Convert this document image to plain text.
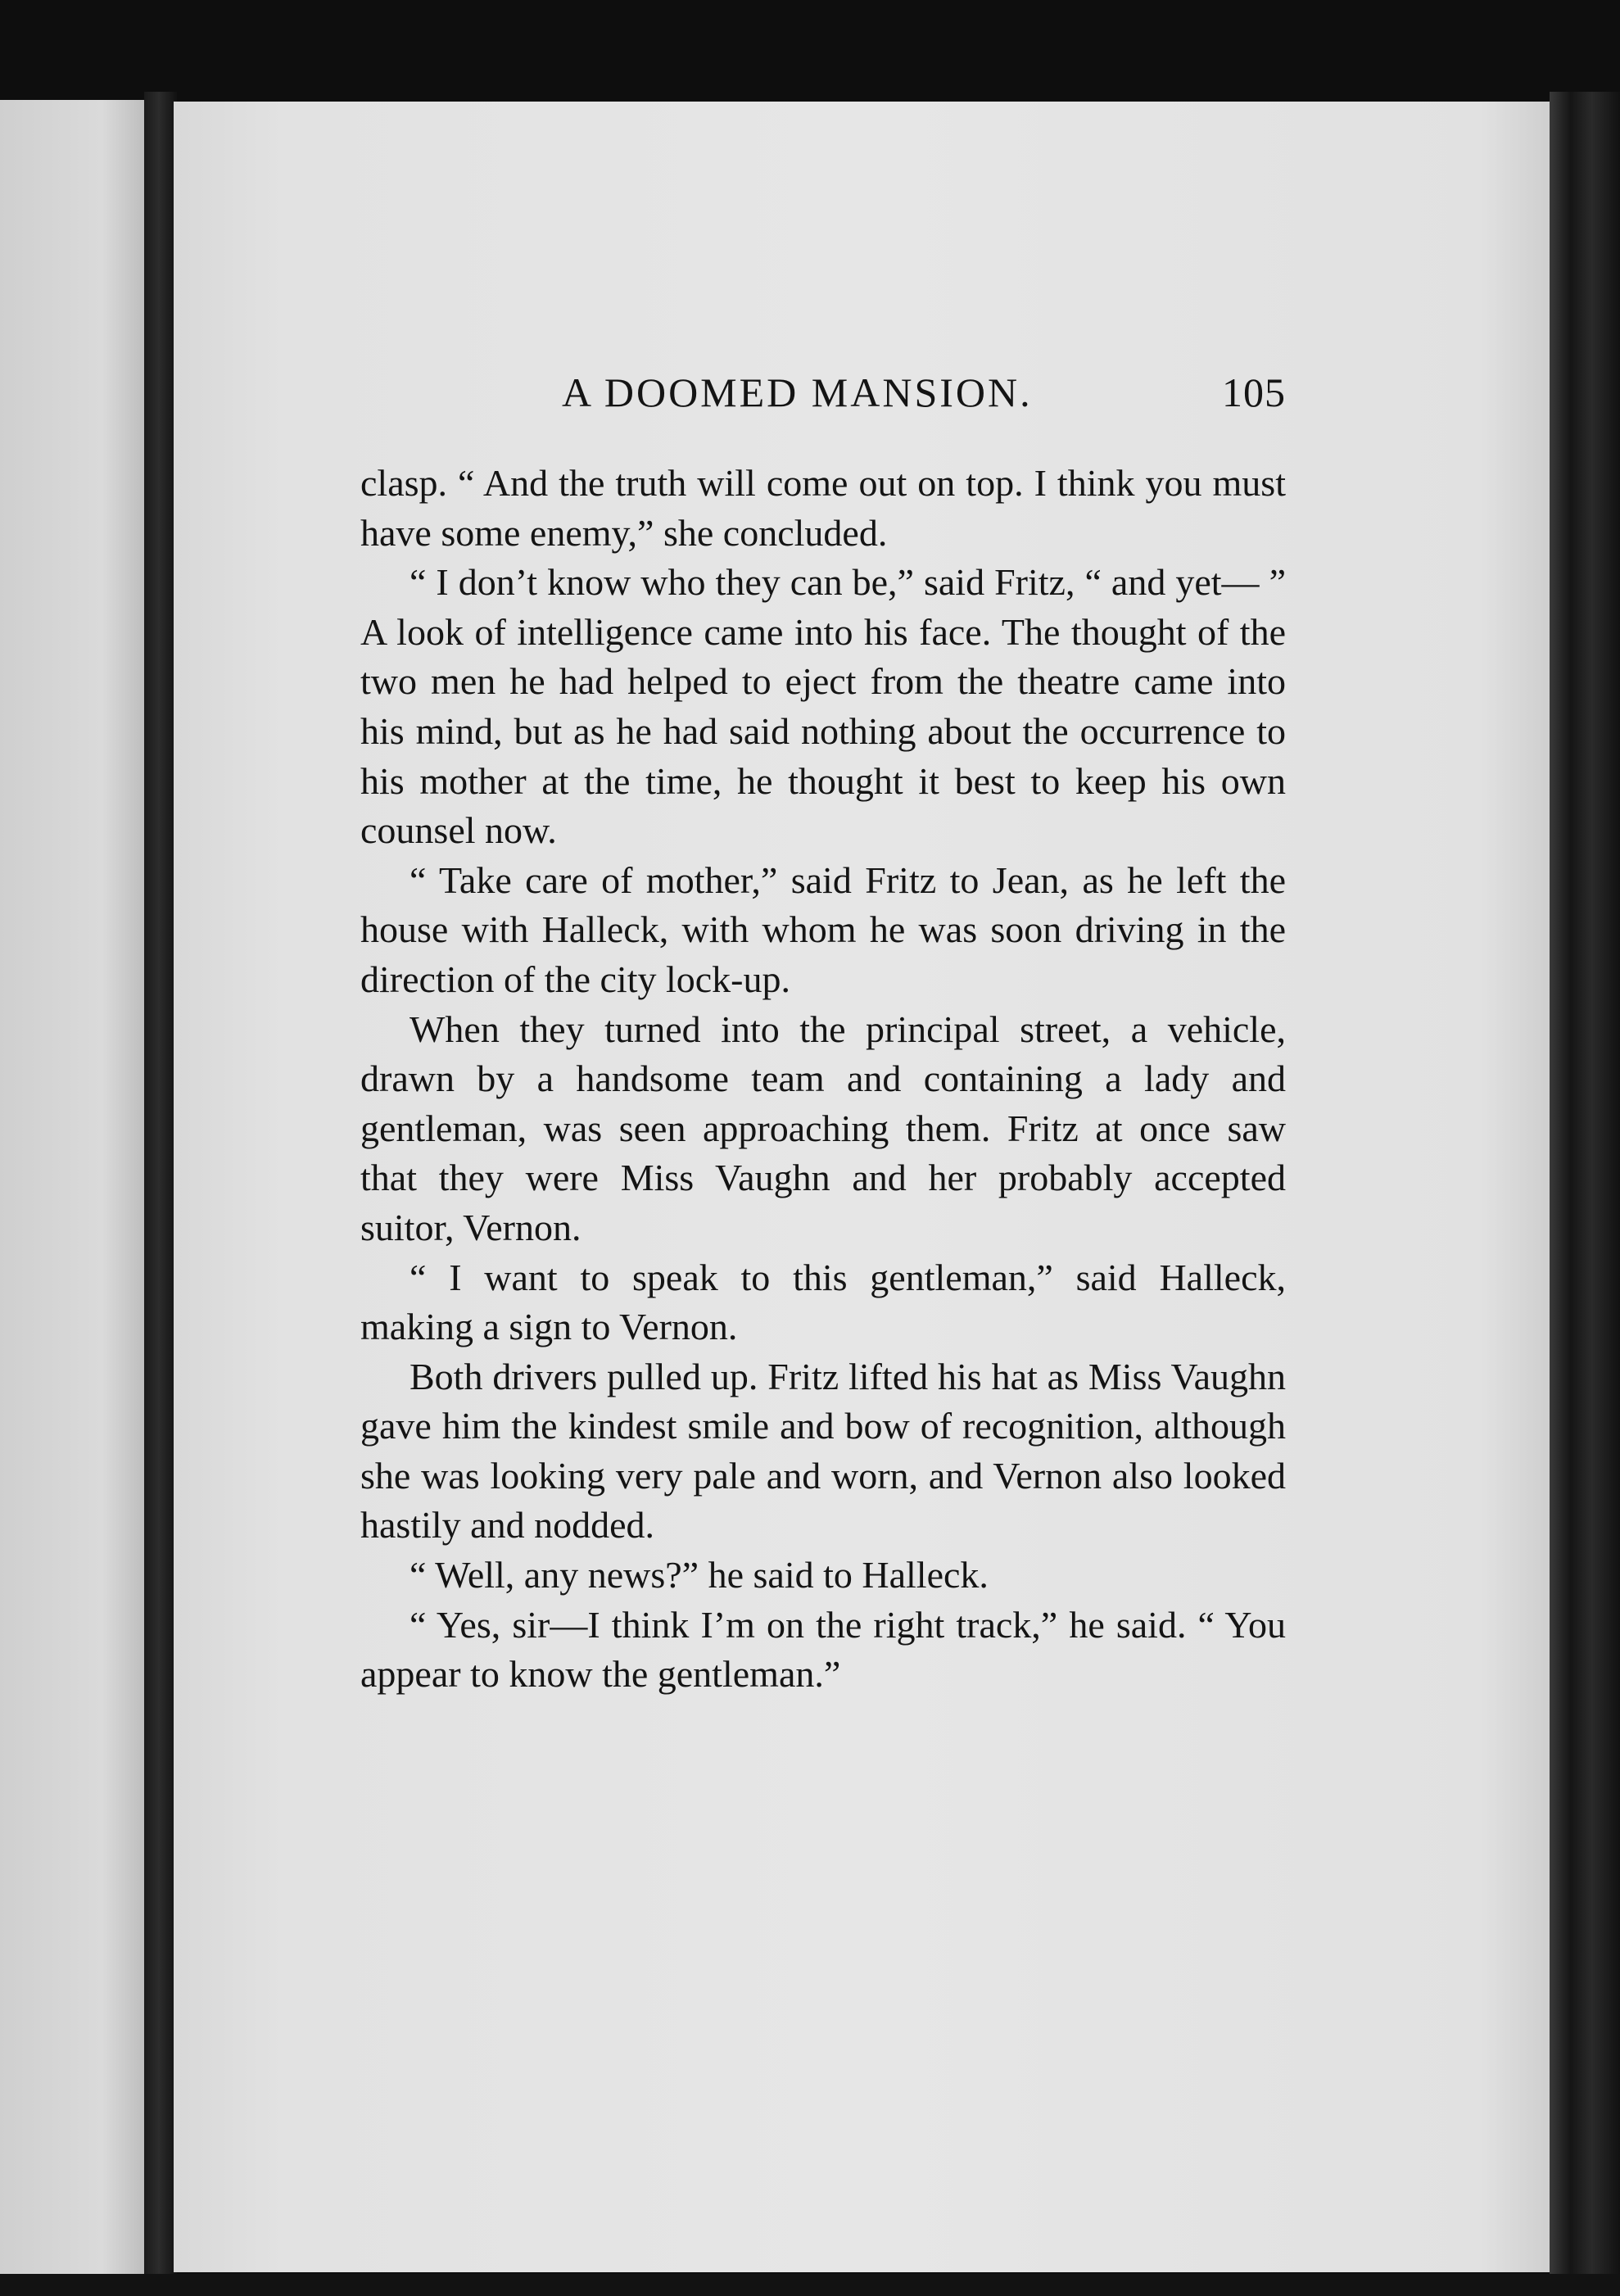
A DOOMED MANSION.	105

clasp. “ And the truth will come out on top. I think you must have some enemy,” she concluded.

“ I don’t know who they can be,” said Fritz, “ and yet— ” A look of intelligence came into his face. The thought of the two men he had helped to eject from the theatre came into his mind, but as he had said nothing about the occurrence to his mother at the time, he thought it best to keep his own counsel now.

“ Take care of mother,” said Fritz to Jean, as he left the house with Halleck, with whom he was soon driving in the direction of the city lock-up.

When they turned into the principal street, a vehicle, drawn by a handsome team and containing a lady and gentleman, was seen approaching them. Fritz at once saw that they were Miss Vaughn and her probably accepted suitor, Vernon.

“ I want to speak to this gentleman,” said Halleck, making a sign to Vernon.

Both drivers pulled up. Fritz lifted his hat as Miss Vaughn gave him the kindest smile and bow of recognition, although she was looking very pale and worn, and Vernon also looked hastily and nodded.

“ Well, any news?” he said to Halleck.

“ Yes, sir—I think I’m on the right track,” he said. “ You appear to know the gentleman.”
